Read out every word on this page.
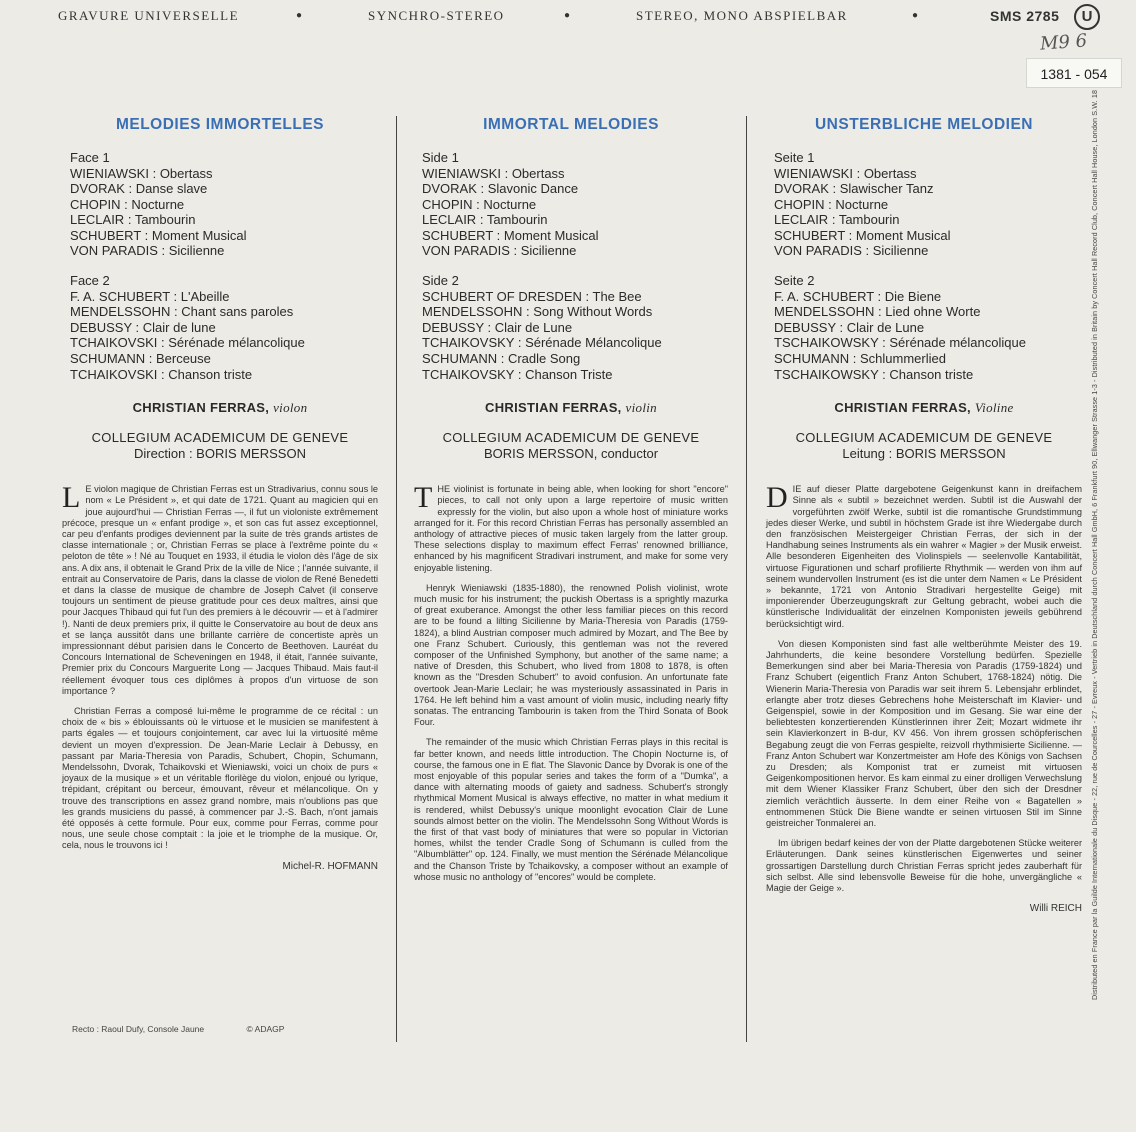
GRAVURE UNIVERSELLE	●	SYNCHRO-STEREO	●	STEREO, MONO ABSPIELBAR	●	SMS 2785	U
M9 6
1381 - 054
MELODIES IMMORTELLES
Face 1
WIENIAWSKI : Obertass
DVORAK : Danse slave
CHOPIN : Nocturne
LECLAIR : Tambourin
SCHUBERT : Moment Musical
VON PARADIS : Sicilienne
Face 2
F. A. SCHUBERT : L'Abeille
MENDELSSOHN : Chant sans paroles
DEBUSSY : Clair de lune
TCHAIKOVSKI : Sérénade mélancolique
SCHUMANN : Berceuse
TCHAIKOVSKI : Chanson triste
CHRISTIAN FERRAS, violon
COLLEGIUM ACADEMICUM DE GENEVE
Direction : BORIS MERSSON

L E violon magique de Christian Ferras est un Stradivarius, connu sous le nom « Le Président », et qui date de 1721. Quant au magicien qui en joue aujourd'hui — Christian Ferras —, il fut un violoniste extrêmement précoce, presque un « enfant prodige », et son cas fut assez exceptionnel, car peu d'enfants prodiges deviennent par la suite de très grands artistes de classe internationale ; or, Christian Ferras se place à l'extrême pointe du « peloton de tête » ! Né au Touquet en 1933, il étudia le violon dès l'âge de six ans. A dix ans, il obtenait le Grand Prix de la ville de Nice ; l'année suivante, il entrait au Conservatoire de Paris, dans la classe de violon de René Benedetti et dans la classe de musique de chambre de Joseph Calvet (il conserve toujours un sentiment de pieuse gratitude pour ces deux maîtres, ainsi que pour Jacques Thibaud qui fut l'un des premiers à le découvrir — et à l'admirer !). Nanti de deux premiers prix, il quitte le Conservatoire au bout de deux ans et se lança aussitôt dans une brillante carrière de concertiste après un impressionnant début parisien dans le Concerto de Beethoven. Lauréat du Concours International de Scheveningen en 1948, il était, l'année suivante, Premier prix du Concours Marguerite Long — Jacques Thibaud. Mais faut-il réellement évoquer tous ces diplômes à propos d'un virtuose de son importance ?

Christian Ferras a composé lui-même le programme de ce récital : un choix de « bis » éblouissants où le virtuose et le musicien se manifestent à parts égales — et toujours conjointement, car avec lui la virtuosité même devient un moyen d'expression. De Jean-Marie Leclair à Debussy, en passant par Maria-Theresia von Paradis, Schubert, Chopin, Schumann, Mendelssohn, Dvorak, Tchaikovski et Wieniawski, voici un choix de purs « joyaux de la musique » et un véritable florilège du violon, enjoué ou lyrique, trépidant, crépitant ou berceur, émouvant, rêveur et mélancolique. On y trouve des transcriptions en assez grand nombre, mais n'oublions pas que les grands musiciens du passé, à commencer par J.-S. Bach, n'ont jamais été opposés à cette formule. Pour eux, comme pour Ferras, comme pour nous, une seule chose comptait : la joie et le triomphe de la musique. Or, cela, nous le trouvons ici !

Michel-R. HOFMANN
IMMORTAL MELODIES
Side 1
WIENIAWSKI : Obertass
DVORAK : Slavonic Dance
CHOPIN : Nocturne
LECLAIR : Tambourin
SCHUBERT : Moment Musical
VON PARADIS : Sicilienne
Side 2
SCHUBERT OF DRESDEN : The Bee
MENDELSSOHN : Song Without Words
DEBUSSY : Clair de Lune
TCHAIKOVSKY : Sérénade Mélancolique
SCHUMANN : Cradle Song
TCHAIKOVSKY : Chanson Triste
CHRISTIAN FERRAS, violin
COLLEGIUM ACADEMICUM DE GENEVE
BORIS MERSSON, conductor

THE violinist is fortunate in being able, when looking for short "encore" pieces, to call not only upon a large repertoire of music written expressly for the violin, but also upon a whole host of miniature works arranged for it. For this record Christian Ferras has personally assembled an anthology of attractive pieces of music taken largely from the latter group. These selections display to maximum effect Ferras' renowned brilliance, enhanced by his magnificent Stradivari instrument, and make for some very enjoyable listening.

Henryk Wieniawski (1835-1880), the renowned Polish violinist, wrote much music for his instrument; the puckish Obertass is a sprightly mazurka of great exuberance. Amongst the other less familiar pieces on this record are to be found a lilting Sicilienne by Maria-Theresia von Paradis (1759-1824), a blind Austrian composer much admired by Mozart, and The Bee by one Franz Schubert. Curiously, this gentleman was not the revered composer of the Unfinished Symphony, but another of the same name; a native of Dresden, this Schubert, who lived from 1808 to 1878, is often known as the "Dresden Schubert" to avoid confusion. An unfortunate fate overtook Jean-Marie Leclair; he was mysteriously assassinated in Paris in 1764. He left behind him a vast amount of violin music, including nearly fifty sonatas. The entrancing Tambourin is taken from the Third Sonata of Book Four.

The remainder of the music which Christian Ferras plays in this recital is far better known, and needs little introduction. The Chopin Nocturne is, of course, the famous one in E flat. The Slavonic Dance by Dvorak is one of the most enjoyable of this popular series and takes the form of a "Dumka", a dance with alternating moods of gaiety and sadness. Schubert's strongly rhythmical Moment Musical is always effective, no matter in what medium it is rendered, whilst Debussy's unique moonlight evocation Clair de Lune sounds almost better on the violin. The Mendelssohn Song Without Words is the first of that vast body of miniatures that were so popular in Victorian homes, whilst the tender Cradle Song of Schumann is culled from the "Albumblätter" op. 124. Finally, we must mention the Sérénade Mélancolique and the Chanson Triste by Tchaikovsky, a composer without an example of whose music no anthology of "encores" would be complete.

UNSTERBLICHE MELODIEN
Seite 1
WIENIAWSKI : Obertass
DVORAK : Slawischer Tanz
CHOPIN : Nocturne
LECLAIR : Tambourin
SCHUBERT : Moment Musical
VON PARADIS : Sicilienne
Seite 2
F. A. SCHUBERT : Die Biene
MENDELSSOHN : Lied ohne Worte
DEBUSSY : Clair de Lune
TSCHAIKOWSKY : Sérénade mélancolique
SCHUMANN : Schlummerlied
TSCHAIKOWSKY : Chanson triste
CHRISTIAN FERRAS, Violine
COLLEGIUM ACADEMICUM DE GENEVE
Leitung : BORIS MERSSON

DIE auf dieser Platte dargebotene Geigenkunst kann in dreifachem Sinne als « subtil » bezeichnet werden. Subtil ist die Auswahl der vorgeführten zwölf Werke, subtil ist die romantische Grundstimmung jedes dieser Werke, und subtil in höchstem Grade ist ihre Wiedergabe durch den französischen Meistergeiger Christian Ferras, der sich in der Handhabung seines Instruments als ein wahrer « Magier » der Musik erweist. Alle besonderen Eigenheiten des Violinspiels — seelenvolle Kantabilität, virtuose Figurationen und scharf profilierte Rhythmik — werden von ihm auf seinem wundervollen Instrument (es ist die unter dem Namen « Le Président » bekannte, 1721 von Antonio Stradivari hergestellte Geige) mit imponierender Überzeugungskraft zur Geltung gebracht, wobei auch die künstlerische Individualität der einzelnen Komponisten jeweils gebührend berücksichtigt wird.

Von diesen Komponisten sind fast alle weltberühmte Meister des 19. Jahrhunderts, die keine besondere Vorstellung bedürfen. Spezielle Bemerkungen sind aber bei Maria-Theresia von Paradis (1759-1824) und Franz Schubert (eigentlich Franz Anton Schubert, 1768-1824) nötig. Die Wienerin Maria-Theresia von Paradis war seit ihrem 5. Lebensjahr erblindet, erlangte aber trotz dieses Gebrechens hohe Meisterschaft im Klavier- und Geigenspiel, sowie in der Komposition und im Gesang. Sie war eine der beliebtesten konzertierenden Künstlerinnen ihrer Zeit; Mozart widmete ihr sein Klavierkonzert in B-dur, KV 456. Von ihrem grossen schöpferischen Begabung zeugt die von Ferras gespielte, reizvoll rhythmisierte Sicilienne. — Franz Anton Schubert war Konzertmeister am Hofe des Königs von Sachsen zu Dresden; als Komponist trat er zumeist mit virtuosen Geigenkompositionen hervor. Es kam einmal zu einer drolligen Verwechslung mit dem Wiener Klassiker Franz Schubert, über den sich der Dresdner ziemlich verächtlich äusserte. In dem einer Reihe von « Bagatellen » entnommenen Stück Die Biene wandte er seinen virtuosen Stil im Sinne geistreicher Tonmalerei an.

Im übrigen bedarf keines der von der Platte dargebotenen Stücke weiterer Erläuterungen. Dank seines künstlerischen Eigenwertes und seiner grossartigen Darstellung durch Christian Ferras spricht jedes zauberhaft für sich selbst. Alle sind lebensvolle Beweise für die hohe, unvergängliche « Magie der Geige ».

Willi REICH
Recto : Raoul Dufy, Console Jaune	© ADAGP
Distributed en France par la Guilde Internationale du Disque - 22, rue de Courcelles - 27 - Evreux - Vertrieb in Deutschland durch Concert Hall GmbH, 6 Frankfurt 90, Ellwanger Strasse 1-3 - Distributed in Britain by Concert Hall Record Club, Concert Hall House, London S.W. 18
